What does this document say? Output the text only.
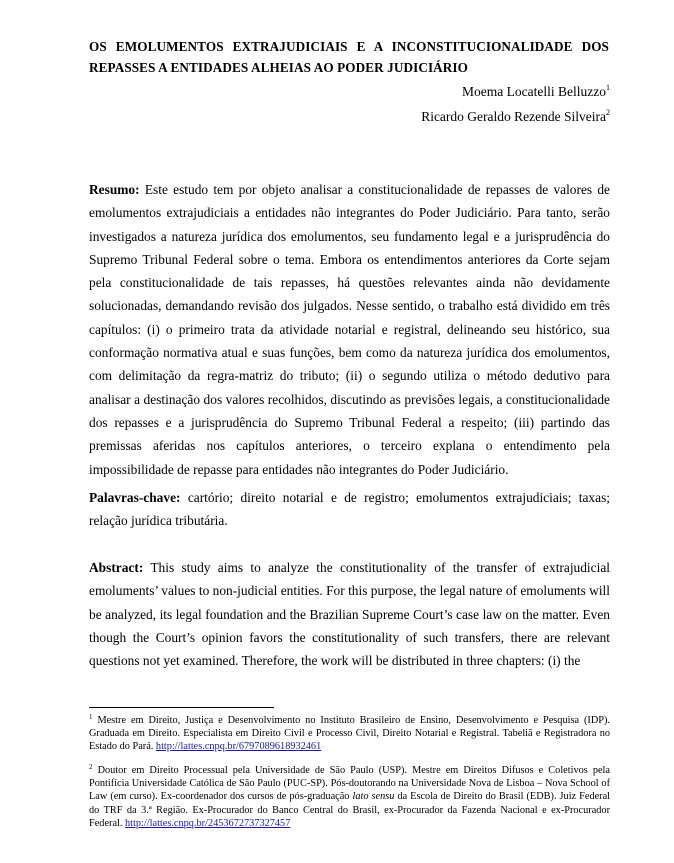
OS EMOLUMENTOS EXTRAJUDICIAIS E A INCONSTITUCIONALIDADE DOS REPASSES A ENTIDADES ALHEIAS AO PODER JUDICIÁRIO
Moema Locatelli Belluzzo$^1$
Ricardo Geraldo Rezende Silveira$^2$
Resumo: Este estudo tem por objeto analisar a constitucionalidade de repasses de valores de emolumentos extrajudiciais a entidades não integrantes do Poder Judiciário. Para tanto, serão investigados a natureza jurídica dos emolumentos, seu fundamento legal e a jurisprudência do Supremo Tribunal Federal sobre o tema. Embora os entendimentos anteriores da Corte sejam pela constitucionalidade de tais repasses, há questões relevantes ainda não devidamente solucionadas, demandando revisão dos julgados. Nesse sentido, o trabalho está dividido em três capítulos: (i) o primeiro trata da atividade notarial e registral, delineando seu histórico, sua conformação normativa atual e suas funções, bem como da natureza jurídica dos emolumentos, com delimitação da regra-matriz do tributo; (ii) o segundo utiliza o método dedutivo para analisar a destinação dos valores recolhidos, discutindo as previsões legais, a constitucionalidade dos repasses e a jurisprudência do Supremo Tribunal Federal a respeito; (iii) partindo das premissas aferidas nos capítulos anteriores, o terceiro explana o entendimento pela impossibilidade de repasse para entidades não integrantes do Poder Judiciário.
Palavras-chave: cartório; direito notarial e de registro; emolumentos extrajudiciais; taxas; relação jurídica tributária.
Abstract: This study aims to analyze the constitutionality of the transfer of extrajudicial emoluments’ values to non-judicial entities. For this purpose, the legal nature of emoluments will be analyzed, its legal foundation and the Brazilian Supreme Court’s case law on the matter. Even though the Court’s opinion favors the constitutionality of such transfers, there are relevant questions not yet examined. Therefore, the work will be distributed in three chapters: (i) the
$^1$ Mestre em Direito, Justiça e Desenvolvimento no Instituto Brasileiro de Ensino, Desenvolvimento e Pesquisa (IDP). Graduada em Direito. Especialista em Direito Civil e Processo Civil, Direito Notarial e Registral. Tabeliã e Registradora no Estado do Pará. http://lattes.cnpq.br/6797089618932461
$^2$ Doutor em Direito Processual pela Universidade de São Paulo (USP). Mestre em Direitos Difusos e Coletivos pela Pontifícia Universidade Católica de São Paulo (PUC-SP). Pós-doutorando na Universidade Nova de Lisboa – Nova School of Law (em curso). Ex-coordenador dos cursos de pós-graduação lato sensu da Escola de Direito do Brasil (EDB). Juiz Federal do TRF da 3.ª Região. Ex-Procurador do Banco Central do Brasil, ex-Procurador da Fazenda Nacional e ex-Procurador Federal. http://lattes.cnpq.br/2453672737327457
